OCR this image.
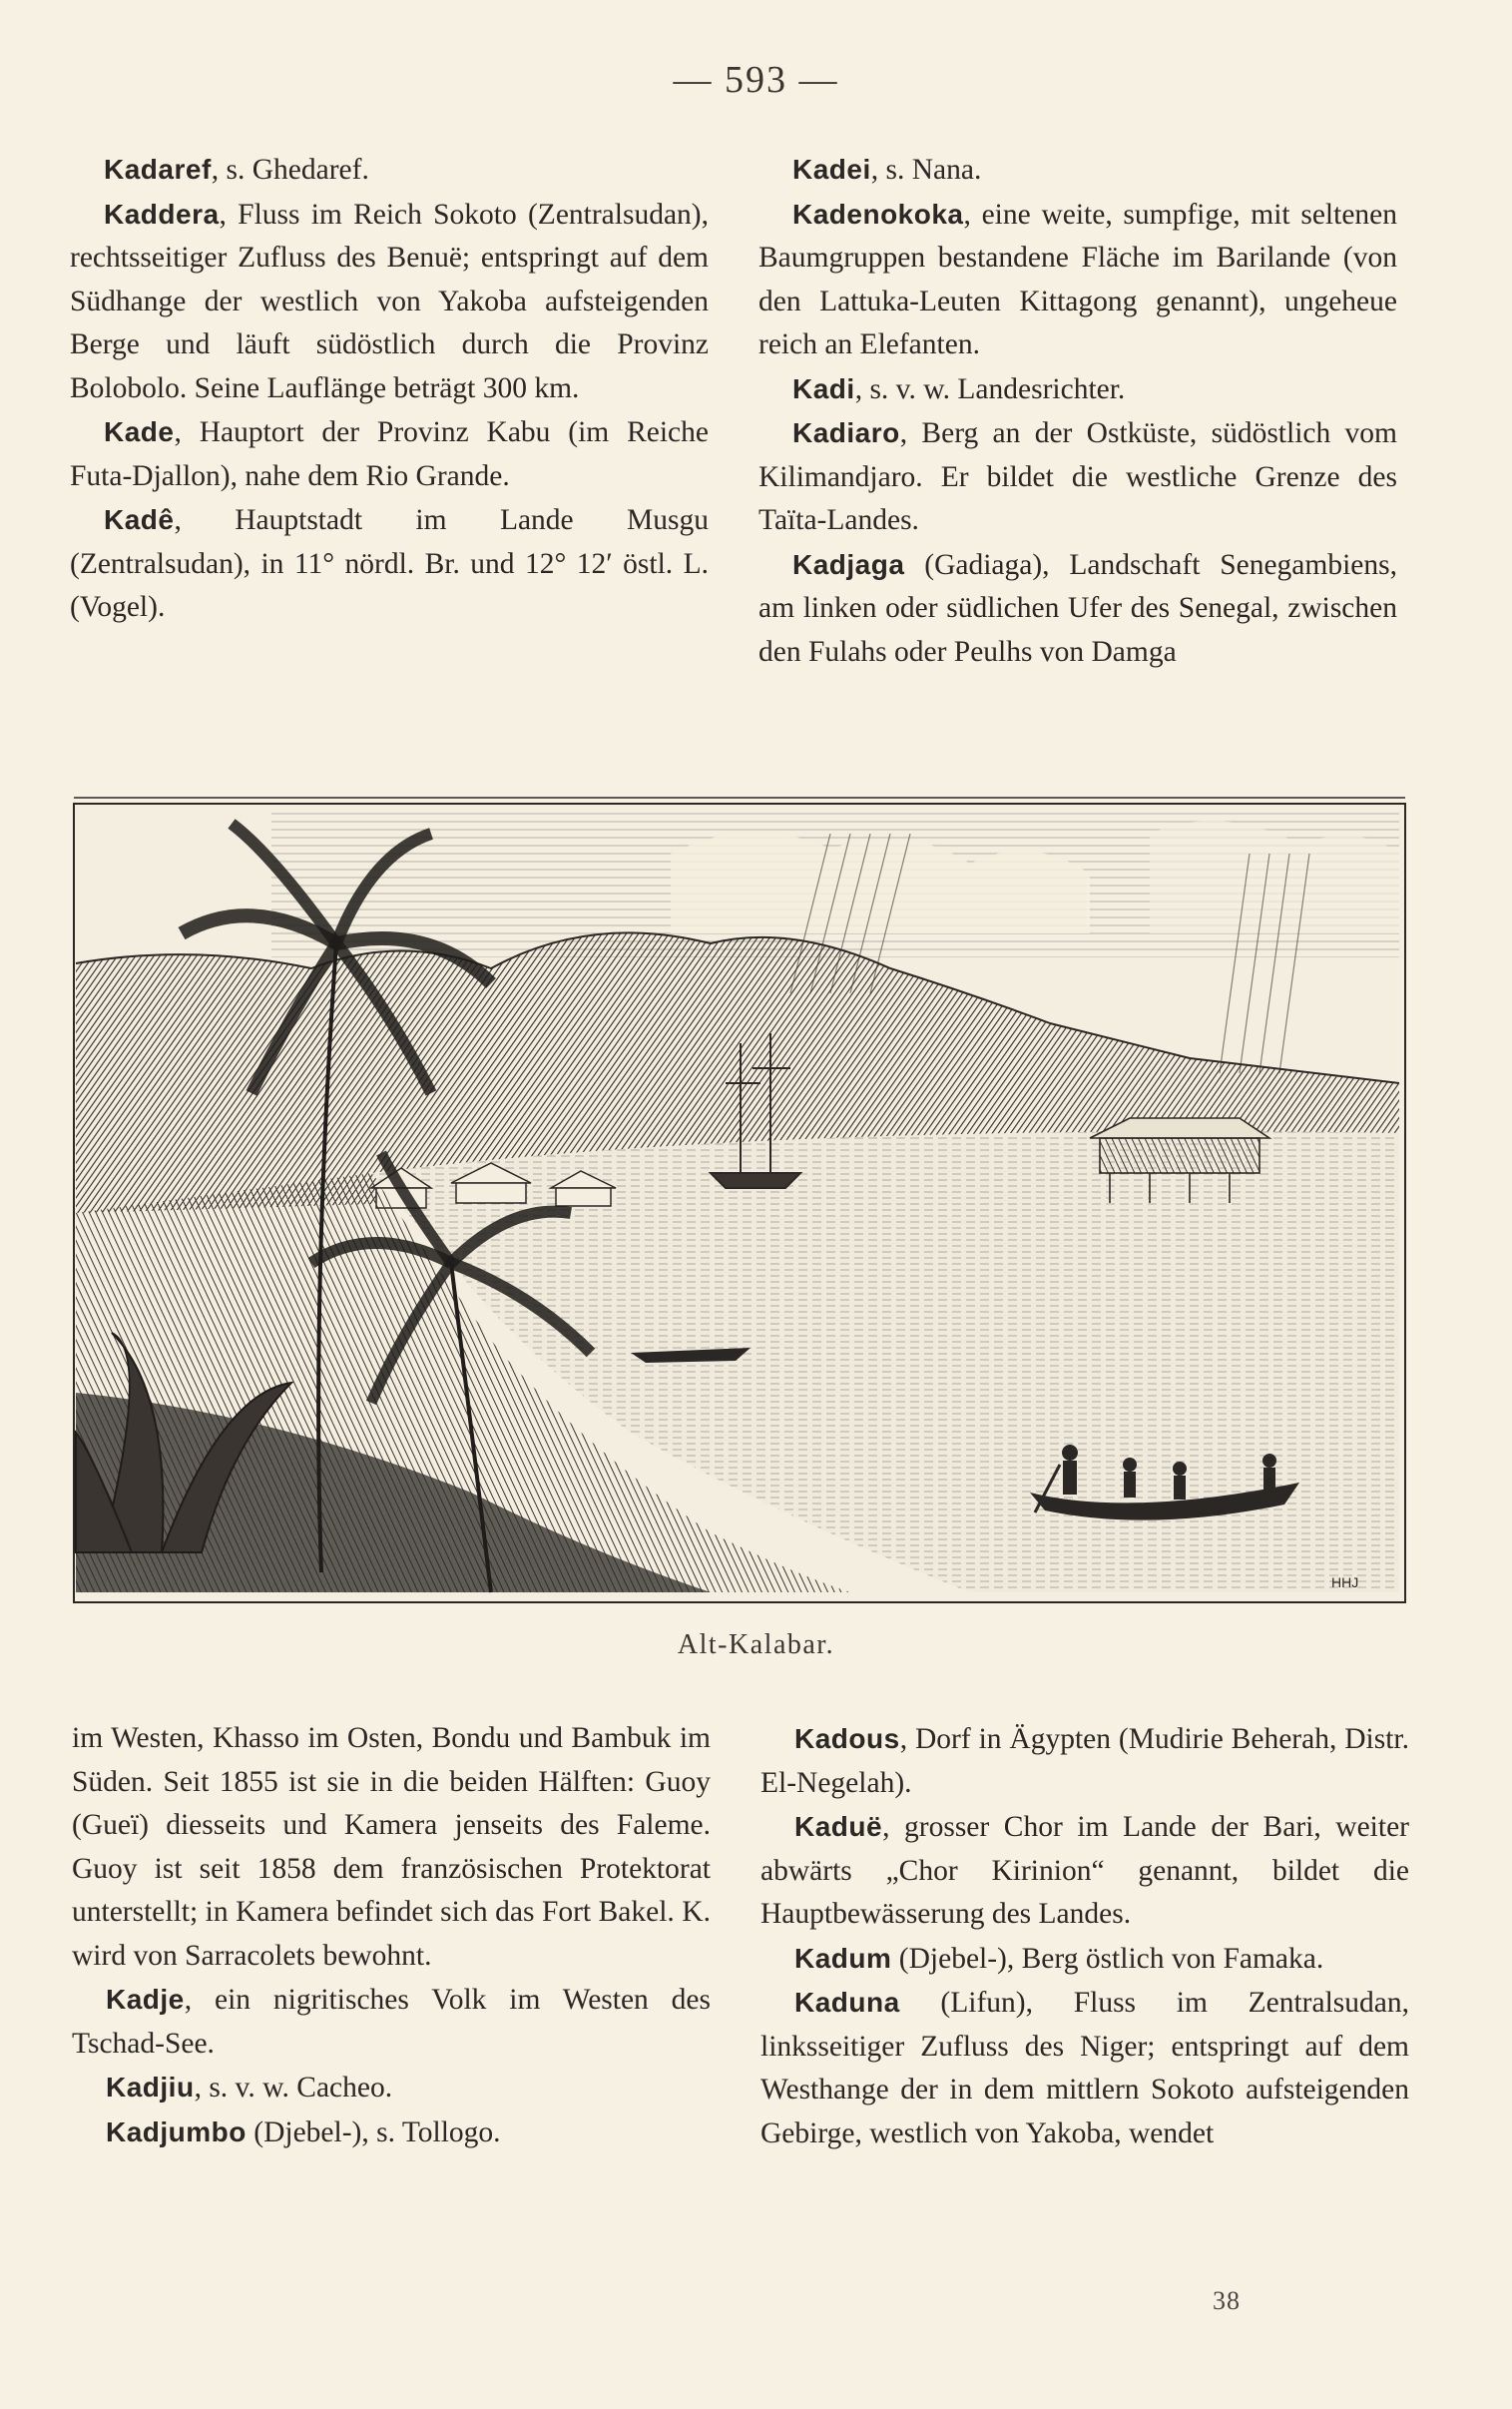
— 593 —

Kadaref, s. Ghedaref.

Kaddera, Fluss im Reich Sokoto (Zentralsudan), rechtsseitiger Zufluss des Benuë; entspringt auf dem Südhange der westlich von Yakoba aufsteigenden Berge und läuft südöstlich durch die Provinz Bolobolo. Seine Lauflänge beträgt 300 km.

Kade, Hauptort der Provinz Kabu (im Reiche Futa-Djallon), nahe dem Rio Grande.

Kadê, Hauptstadt im Lande Musgu (Zentralsudan), in 11° nördl. Br. und 12° 12′ östl. L. (Vogel).

Kadei, s. Nana.

Kadenokoka, eine weite, sumpfige, mit seltenen Baumgruppen bestandene Fläche im Barilande (von den Lattuka-Leuten Kittagong genannt), ungeheue reich an Elefanten.

Kadi, s. v. w. Landesrichter.

Kadiaro, Berg an der Ostküste, südöstlich vom Kilimandjaro. Er bildet die westliche Grenze des Taïta-Landes.

Kadjaga (Gadiaga), Landschaft Senegambiens, am linken oder südlichen Ufer des Senegal, zwischen den Fulahs oder Peulhs von Damga

HHJ
Alt-Kalabar.

im Westen, Khasso im Osten, Bondu und Bambuk im Süden. Seit 1855 ist sie in die beiden Hälften: Guoy (Gueï) diesseits und Kamera jenseits des Faleme. Guoy ist seit 1858 dem französischen Protektorat unterstellt; in Kamera befindet sich das Fort Bakel. K. wird von Sarracolets bewohnt.

Kadje, ein nigritisches Volk im Westen des Tschad-See.

Kadjiu, s. v. w. Cacheo.

Kadjumbo (Djebel-), s. Tollogo.

Kadous, Dorf in Ägypten (Mudirie Beherah, Distr. El-Negelah).

Kaduë, grosser Chor im Lande der Bari, weiter abwärts „Chor Kirinion“ genannt, bildet die Hauptbewässerung des Landes.

Kadum (Djebel-), Berg östlich von Famaka.

Kaduna (Lifun), Fluss im Zentralsudan, linksseitiger Zufluss des Niger; entspringt auf dem Westhange der in dem mittlern Sokoto aufsteigenden Gebirge, westlich von Yakoba, wendet

38
